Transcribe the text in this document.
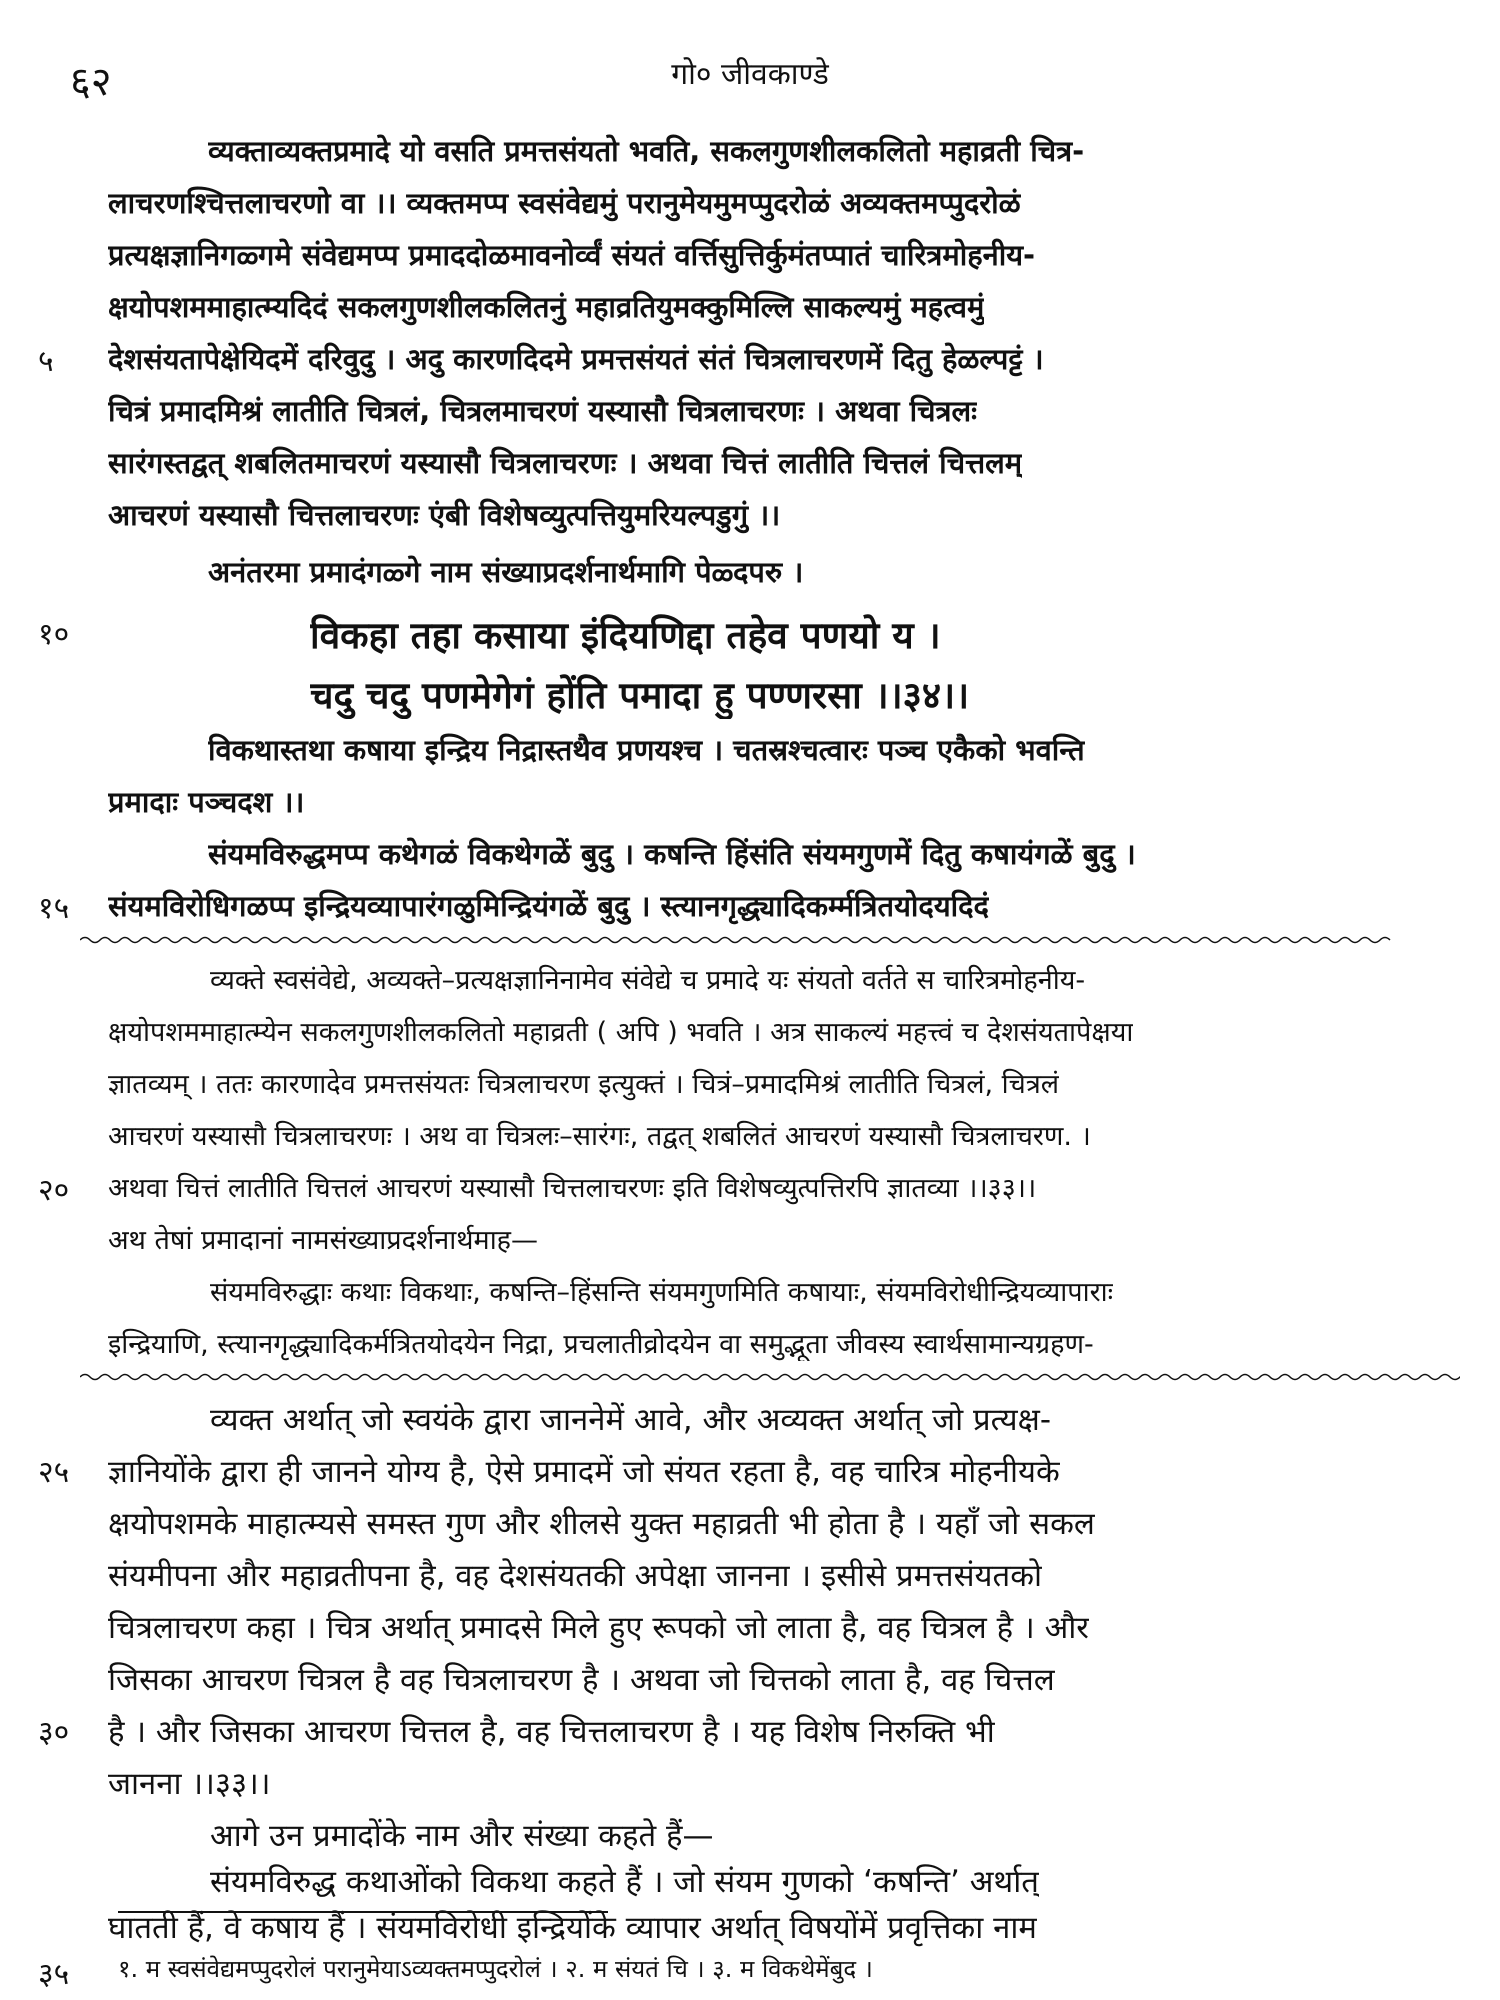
६२	गो० जीवकाण्डे
व्यक्ताव्यक्तप्रमादे यो वसति प्रमत्तसंयतो भवति, सकलगुणशीलकलितो महाव्रती चित्र-
लाचरणश्चित्तलाचरणो वा ।। व्यक्तमप्प स्वसंवेद्यमुं परानुमेयमुमप्पुदरोळं अव्यक्तमप्पुदरोळं
प्रत्यक्षज्ञानिगळ्गमे संवेद्यमप्प प्रमाददोळमावनोर्व्वं संयतं वर्त्तिसुत्तिर्कुमंतप्पातं चारित्रमोहनीय-
क्षयोपशममाहात्म्यदिदं सकलगुणशीलकलितनुं महाव्रतियुमक्कुमिल्लि साकल्यमुं महत्वमुं
देशसंयतापेक्षेयिदमें दरिवुदु । अदु कारणदिदमे प्रमत्तसंयतं संतं चित्रलाचरणमें दितु हेळल्पट्टं ।
चित्रं प्रमादमिश्रं लातीति चित्रलं, चित्रलमाचरणं यस्यासौ चित्रलाचरणः । अथवा चित्रलः
सारंगस्तद्वत् शबलितमाचरणं यस्यासौ चित्रलाचरणः । अथवा चित्तं लातीति चित्तलं चित्तलम्
आचरणं यस्यासौ चित्तलाचरणः एंबी विशेषव्युत्पत्तियुमरियल्पडुगुं ।।
अनंतरमा प्रमादंगळ्गे नाम संख्याप्रदर्शनार्थमागि पेळ्दपरु ।
विकहा तहा कसाया इंदियणिद्दा तहेव पणयो य ।
चदु चदु पणमेगेगं होंति पमादा हु पण्णरसा ।।३४।।
विकथास्तथा कषाया इन्द्रिय निद्रास्तथैव प्रणयश्च । चतस्रश्चत्वारः पञ्च एकैको भवन्ति
प्रमादाः पञ्चदश ।।
संयमविरुद्धमप्प कथेगळं विकथेगळें बुदु । कषन्ति हिंसंति संयमगुणमें दितु कषायंगळें बुदु ।
संयमविरोधिगळप्प इन्द्रियव्यापारंगळुमिन्द्रियंगळें बुदु । स्त्यानगृद्ध्यादिकर्म्मत्रितयोदयदिदं
व्यक्ते स्वसंवेद्ये, अव्यक्ते–प्रत्यक्षज्ञानिनामेव संवेद्ये च प्रमादे यः संयतो वर्तते स चारित्रमोहनीय-
क्षयोपशममाहात्म्येन सकलगुणशीलकलितो महाव्रती ( अपि ) भवति । अत्र साकल्यं महत्त्वं च देशसंयतापेक्षया
ज्ञातव्यम् । ततः कारणादेव प्रमत्तसंयतः चित्रलाचरण इत्युक्तं । चित्रं–प्रमादमिश्रं लातीति चित्रलं, चित्रलं
आचरणं यस्यासौ चित्रलाचरणः । अथ वा चित्रलः–सारंगः, तद्वत् शबलितं आचरणं यस्यासौ चित्रलाचरण. ।
अथवा चित्तं लातीति चित्तलं आचरणं यस्यासौ चित्तलाचरणः इति विशेषव्युत्पत्तिरपि ज्ञातव्या ।।३३।।
अथ तेषां प्रमादानां नामसंख्याप्रदर्शनार्थमाह—
संयमविरुद्धाः कथाः विकथाः, कषन्ति–हिंसन्ति संयमगुणमिति कषायाः, संयमविरोधीन्द्रियव्यापाराः
इन्द्रियाणि, स्त्यानगृद्ध्यादिकर्मत्रितयोदयेन निद्रा, प्रचलातीव्रोदयेन वा समुद्भूता जीवस्य स्वार्थसामान्यग्रहण-
व्यक्त अर्थात् जो स्वयंके द्वारा जाननेमें आवे, और अव्यक्त अर्थात् जो प्रत्यक्ष-
ज्ञानियोंके द्वारा ही जानने योग्य है, ऐसे प्रमादमें जो संयत रहता है, वह चारित्र मोहनीयके
क्षयोपशमके माहात्म्यसे समस्त गुण और शीलसे युक्त महाव्रती भी होता है । यहाँ जो सकल
संयमीपना और महाव्रतीपना है, वह देशसंयतकी अपेक्षा जानना । इसीसे प्रमत्तसंयतको
चित्रलाचरण कहा । चित्र अर्थात् प्रमादसे मिले हुए रूपको जो लाता है, वह चित्रल है । और
जिसका आचरण चित्रल है वह चित्रलाचरण है । अथवा जो चित्तको लाता है, वह चित्तल
है । और जिसका आचरण चित्तल है, वह चित्तलाचरण है । यह विशेष निरुक्ति भी
जानना ।।३३।।
आगे उन प्रमादोंके नाम और संख्या कहते हैं—
संयमविरुद्ध कथाओंको विकथा कहते हैं । जो संयम गुणको ‘कषन्ति’ अर्थात्
घातती हैं, वे कषाय हैं । संयमविरोधी इन्द्रियोंके व्यापार अर्थात् विषयोंमें प्रवृत्तिका नाम
१. म स्वसंवेद्यमप्पुदरोलं परानुमेयाऽव्यक्तमप्पुदरोलं । २. म संयतं चि । ३. म विकथेमेंबुद ।
५
१०
१५
२०
२५
३०
३५
